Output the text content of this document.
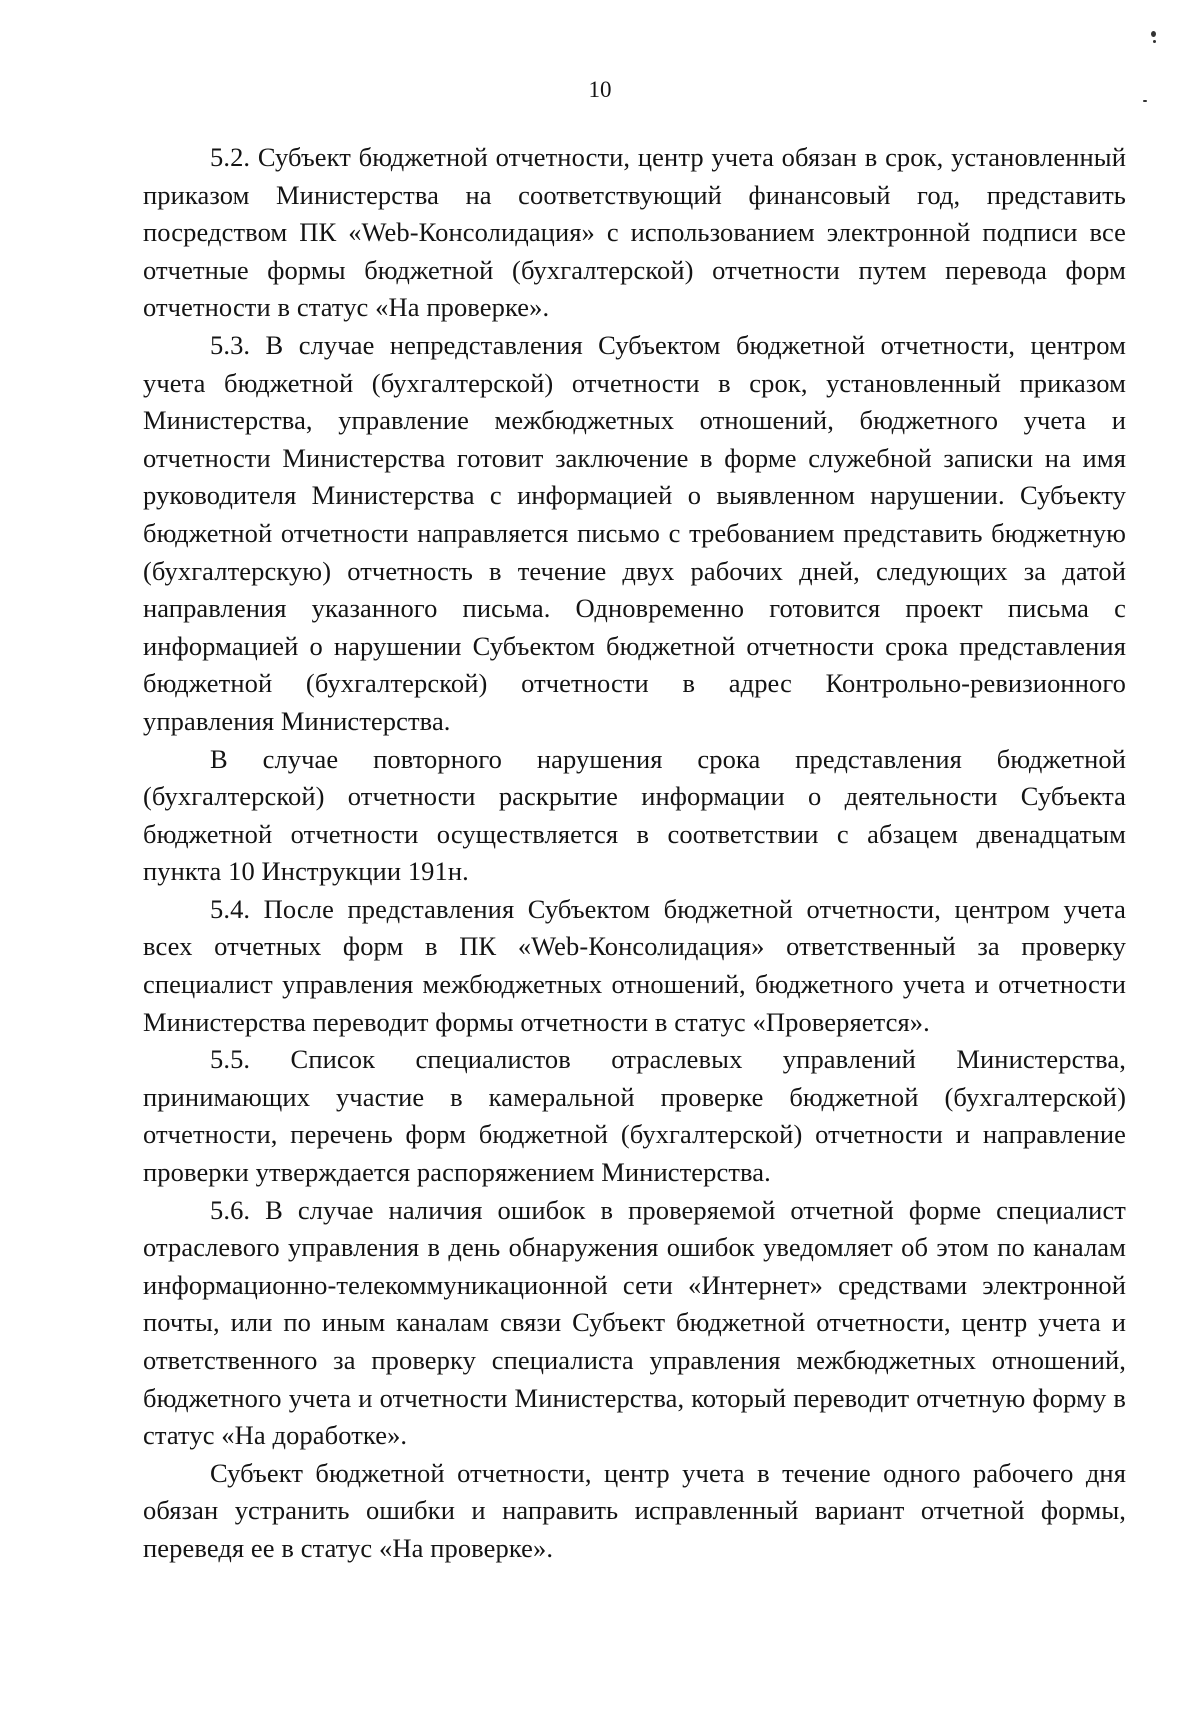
10

5.2. Субъект бюджетной отчетности, центр учета обязан в срок, установленный приказом Министерства на соответствующий финансовый год, представить посредством ПК «Web-Консолидация» с использованием электронной подписи все отчетные формы бюджетной (бухгалтерской) отчетности путем перевода форм отчетности в статус «На проверке».

5.3. В случае непредставления Субъектом бюджетной отчетности, центром учета бюджетной (бухгалтерской) отчетности в срок, установленный приказом Министерства, управление межбюджетных отношений, бюджетного учета и отчетности Министерства готовит заключение в форме служебной записки на имя руководителя Министерства с информацией о выявленном нарушении. Субъекту бюджетной отчетности направляется письмо с требованием представить бюджетную (бухгалтерскую) отчетность в течение двух рабочих дней, следующих за датой направления указанного письма. Одновременно готовится проект письма с информацией о нарушении Субъектом бюджетной отчетности срока представления бюджетной (бухгалтерской) отчетности в адрес Контрольно-ревизионного управления Министерства.

В случае повторного нарушения срока представления бюджетной (бухгалтерской) отчетности раскрытие информации о деятельности Субъекта бюджетной отчетности осуществляется в соответствии с абзацем двенадцатым пункта 10 Инструкции 191н.

5.4. После представления Субъектом бюджетной отчетности, центром учета всех отчетных форм в ПК «Web-Консолидация» ответственный за проверку специалист управления межбюджетных отношений, бюджетного учета и отчетности Министерства переводит формы отчетности в статус «Проверяется».

5.5. Список специалистов отраслевых управлений Министерства, принимающих участие в камеральной проверке бюджетной (бухгалтерской) отчетности, перечень форм бюджетной (бухгалтерской) отчетности и направление проверки утверждается распоряжением Министерства.

5.6. В случае наличия ошибок в проверяемой отчетной форме специалист отраслевого управления в день обнаружения ошибок уведомляет об этом по каналам информационно-телекоммуникационной сети «Интернет» средствами электронной почты, или по иным каналам связи Субъект бюджетной отчетности, центр учета и ответственного за проверку специалиста управления межбюджетных отношений, бюджетного учета и отчетности Министерства, который переводит отчетную форму в статус «На доработке».

Субъект бюджетной отчетности, центр учета в течение одного рабочего дня обязан устранить ошибки и направить исправленный вариант отчетной формы, переведя ее в статус «На проверке».
